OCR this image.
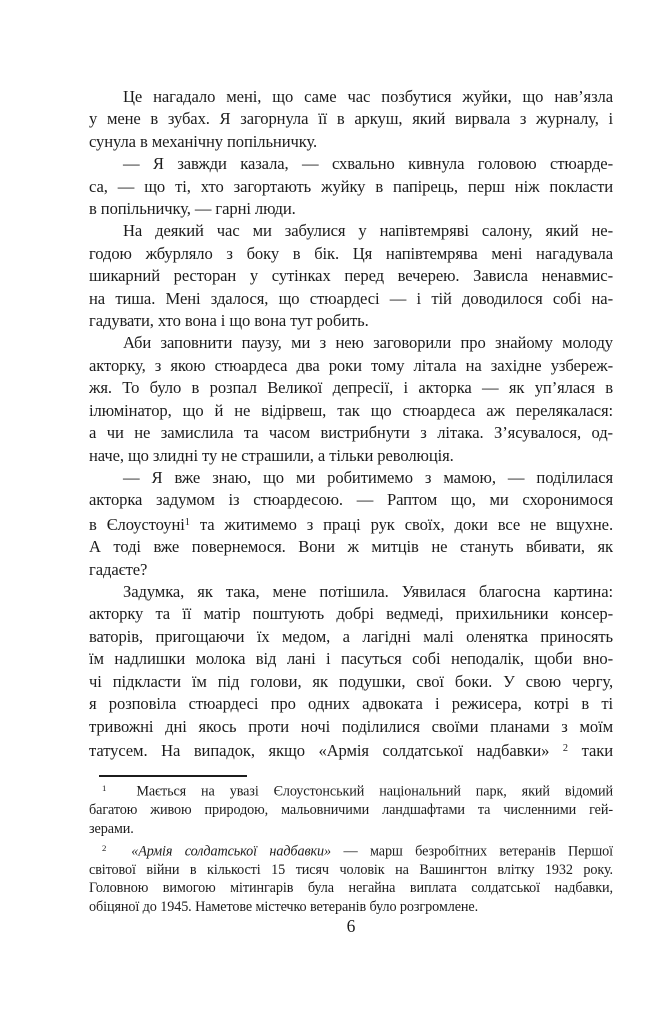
Це нагадало мені, що саме час позбутися жуйки, що нав’язла
у мене в зубах. Я загорнула її в аркуш, який вирвала з журналу, і
сунула в механічну попільничку.
— Я завжди казала, — схвально кивнула головою стюарде-
са, — що ті, хто загортають жуйку в папірець, перш ніж покласти
в попільничку, — гарні люди.
На деякий час ми забулися у напівтемряві салону, який не-
годою жбурляло з боку в бік. Ця напівтемрява мені нагадувала
шикарний ресторан у сутінках перед вечерею. Зависла ненавмис-
на тиша. Мені здалося, що стюардесі — і тій доводилося собі на-
гадувати, хто вона і що вона тут робить.
Аби заповнити паузу, ми з нею заговорили про знайому молоду
акторку, з якою стюардеса два роки тому літала на західне узбереж-
жя. То було в розпал Великої депресії, і акторка — як уп’ялася в
ілюмінатор, що й не відірвеш, так що стюардеса аж перелякалася:
а чи не замислила та часом вистрибнути з літака. З’ясувалося, од-
наче, що злидні ту не страшили, а тільки революція.
— Я вже знаю, що ми робитимемо з мамою, — поділилася
акторка задумом із стюардесою. — Раптом що, ми схоронимося
в Єлоустоуні$^1$ та житимемо з праці рук своїх, доки все не вщухне.
А тоді вже повернемося. Вони ж митців не стануть вбивати, як
гадаєте?
Задумка, як така, мене потішила. Уявилася благосна картина:
акторку та її матір поштують добрі ведмеді, прихильники консер-
ваторів, пригощаючи їх медом, а лагідні малі оленятка приносять
їм надлишки молока від лані і пасуться собі неподалік, щоби вно-
чі підкласти їм під голови, як подушки, свої боки. У свою чергу,
я розповіла стюардесі про одних адвоката і режисера, котрі в ті
тривожні дні якось проти ночі поділилися своїми планами з моїм
татусем. На випадок, якщо «Армія солдатської надбавки» $^2$ таки
$^1$  Мається на увазі Єлоустонський національний парк, який відомий
багатою живою природою, мальовничими ландшафтами та численними гей-
зерами.
$^2$ «Армія солдатської надбавки» — марш безробітних ветеранів Першої
світової війни в кількості 15 тисяч чоловік на Вашингтон влітку 1932 року.
Головною вимогою мітингарів була негайна виплата солдатської надбавки,
обіцяної до 1945. Наметове містечко ветеранів було розгромлене.
6
